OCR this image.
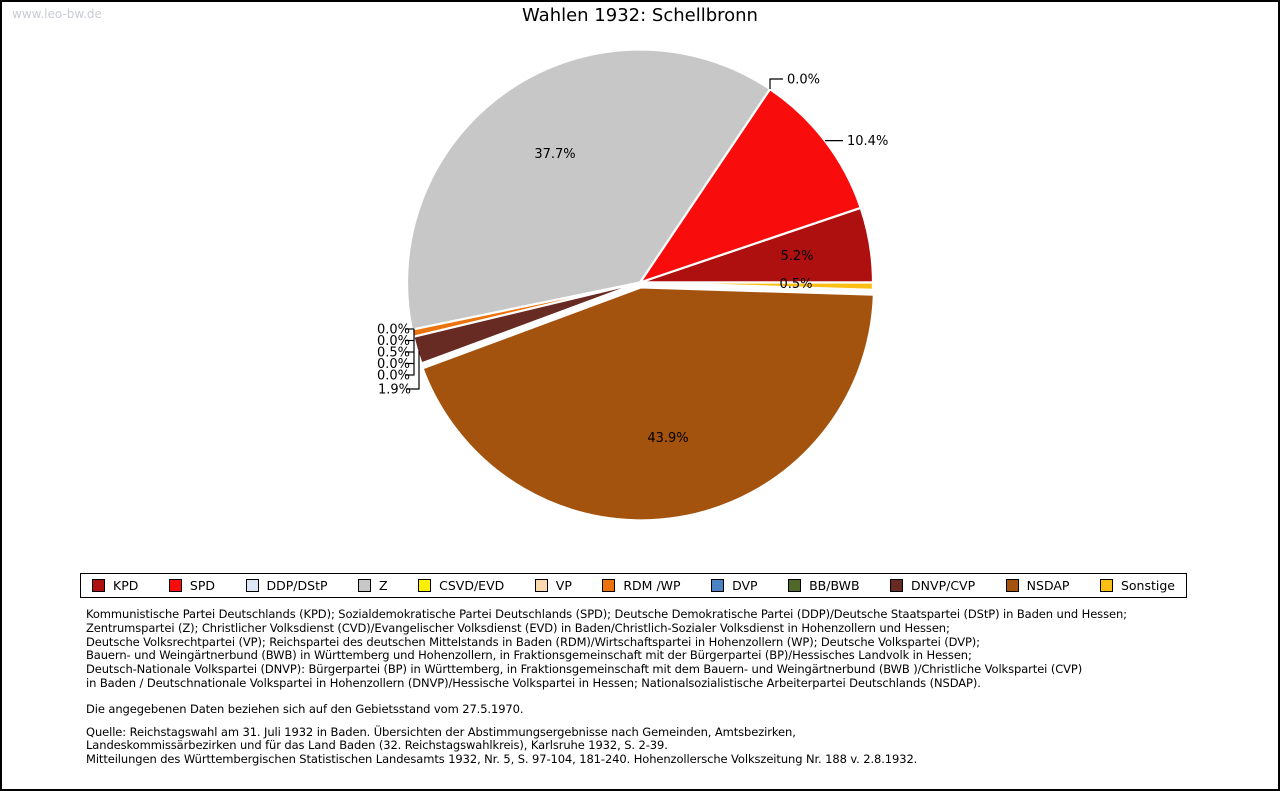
www.leo-bw.de	Wahlen 1932: Schellbronn
5.2%
10.4%
0.0%
37.7%
0.0%
0.0%
0.5%
0.0%
0.0%
1.9%
43.9%
0.5%
KPD	SPD	DDP/DStP	Z	CSVD/EVD	VP	RDM /WP	DVP	BB/BWB	DNVP/CVP	NSDAP	Sonstige
Kommunistische Partei Deutschlands (KPD); Sozialdemokratische Partei Deutschlands (SPD); Deutsche Demokratische Partei (DDP)/Deutsche Staatspartei (DStP) in Baden und Hessen;
Zentrumspartei (Z); Christlicher Volksdienst (CVD)/Evangelischer Volksdienst (EVD) in Baden/Christlich-Sozialer Volksdienst in Hohenzollern und Hessen;
Deutsche Volksrechtpartei (VP); Reichspartei des deutschen Mittelstands in Baden (RDM)/Wirtschaftspartei in Hohenzollern (WP); Deutsche Volkspartei (DVP);
Bauern- und Weingärtnerbund (BWB) in Württemberg und Hohenzollern, in Fraktionsgemeinschaft mit der Bürgerpartei (BP)/Hessisches Landvolk in Hessen;
Deutsch-Nationale Volkspartei (DNVP): Bürgerpartei (BP) in Württemberg, in Fraktionsgemeinschaft mit dem Bauern- und Weingärtnerbund (BWB )/Christliche Volkspartei (CVP)
in Baden / Deutschnationale Volkspartei in Hohenzollern (DNVP)/Hessische Volkspartei in Hessen; Nationalsozialistische Arbeiterpartei Deutschlands (NSDAP).
Die angegebenen Daten beziehen sich auf den Gebietsstand vom 27.5.1970.
Quelle: Reichstagswahl am 31. Juli 1932 in Baden. Übersichten der Abstimmungsergebnisse nach Gemeinden, Amtsbezirken,
Landeskommissärbezirken und für das Land Baden (32. Reichstagswahlkreis), Karlsruhe 1932, S. 2-39.
Mitteilungen des Württembergischen Statistischen Landesamts 1932, Nr. 5, S. 97-104, 181-240. Hohenzollersche Volkszeitung Nr. 188 v. 2.8.1932.
